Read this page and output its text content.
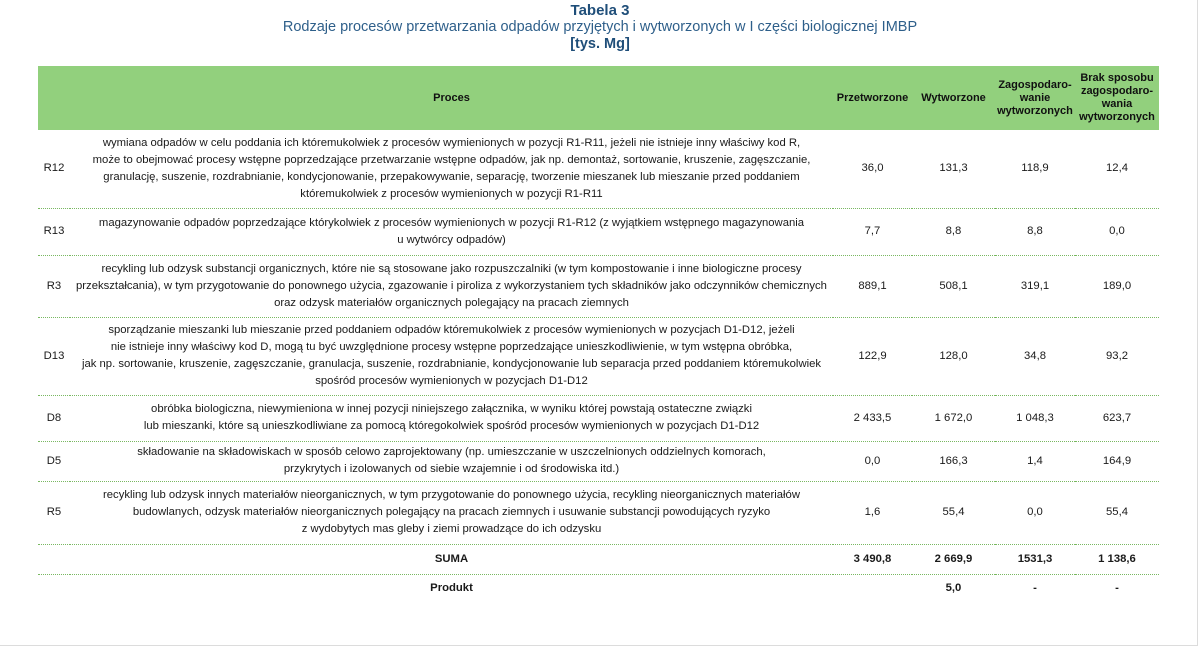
Tabela 3
Rodzaje procesów przetwarzania odpadów przyjętych i wytworzonych w I części biologicznej IMBP
[tys. Mg]
	Proces	Przetworzone	Wytworzone	Zagospodaro-
wanie
wytworzonych	Brak sposobu
zagospodaro-
wania
wytworzonych
R12	wymiana odpadów w celu poddania ich któremukolwiek z procesów wymienionych w pozycji R1-R11, jeżeli nie istnieje inny właściwy kod R,
może to obejmować procesy wstępne poprzedzające przetwarzanie wstępne odpadów, jak np. demontaż, sortowanie, kruszenie, zagęszczanie,
granulację, suszenie, rozdrabnianie, kondycjonowanie, przepakowywanie, separację, tworzenie mieszanek lub mieszanie przed poddaniem
któremukolwiek z procesów wymienionych w pozycji R1-R11	36,0	131,3	118,9	12,4
R13	magazynowanie odpadów poprzedzające którykolwiek z procesów wymienionych w pozycji R1-R12 (z wyjątkiem wstępnego magazynowania
u wytwórcy odpadów)	7,7	8,8	8,8	0,0
R3	recykling lub odzysk substancji organicznych, które nie są stosowane jako rozpuszczalniki (w tym kompostowanie i inne biologiczne procesy
przekształcania), w tym przygotowanie do ponownego użycia, zgazowanie i piroliza z wykorzystaniem tych składników jako odczynników chemicznych
oraz odzysk materiałów organicznych polegający na pracach ziemnych	889,1	508,1	319,1	189,0
D13	sporządzanie mieszanki lub mieszanie przed poddaniem odpadów któremukolwiek z procesów wymienionych w pozycjach D1-D12, jeżeli
nie istnieje inny właściwy kod D, mogą tu być uwzględnione procesy wstępne poprzedzające unieszkodliwienie, w tym wstępna obróbka,
jak np. sortowanie, kruszenie, zagęszczanie, granulacja, suszenie, rozdrabnianie, kondycjonowanie lub separacja przed poddaniem któremukolwiek
spośród procesów wymienionych w pozycjach D1-D12	122,9	128,0	34,8	93,2
D8	obróbka biologiczna, niewymieniona w innej pozycji niniejszego załącznika, w wyniku której powstają ostateczne związki
lub mieszanki, które są unieszkodliwiane za pomocą któregokolwiek spośród procesów wymienionych w pozycjach D1-D12	2 433,5	1 672,0	1 048,3	623,7
D5	składowanie na składowiskach w sposób celowo zaprojektowany (np. umieszczanie w uszczelnionych oddzielnych komorach,
przykrytych i izolowanych od siebie wzajemnie i od środowiska itd.)	0,0	166,3	1,4	164,9
R5	recykling lub odzysk innych materiałów nieorganicznych, w tym przygotowanie do ponownego użycia, recykling nieorganicznych materiałów
budowlanych, odzysk materiałów nieorganicznych polegający na pracach ziemnych i usuwanie substancji powodujących ryzyko
z wydobytych mas gleby i ziemi prowadzące do ich odzysku	1,6	55,4	0,0	55,4
	SUMA	3 490,8	2 669,9	1531,3	1 138,6
	Produkt		5,0	-	-
